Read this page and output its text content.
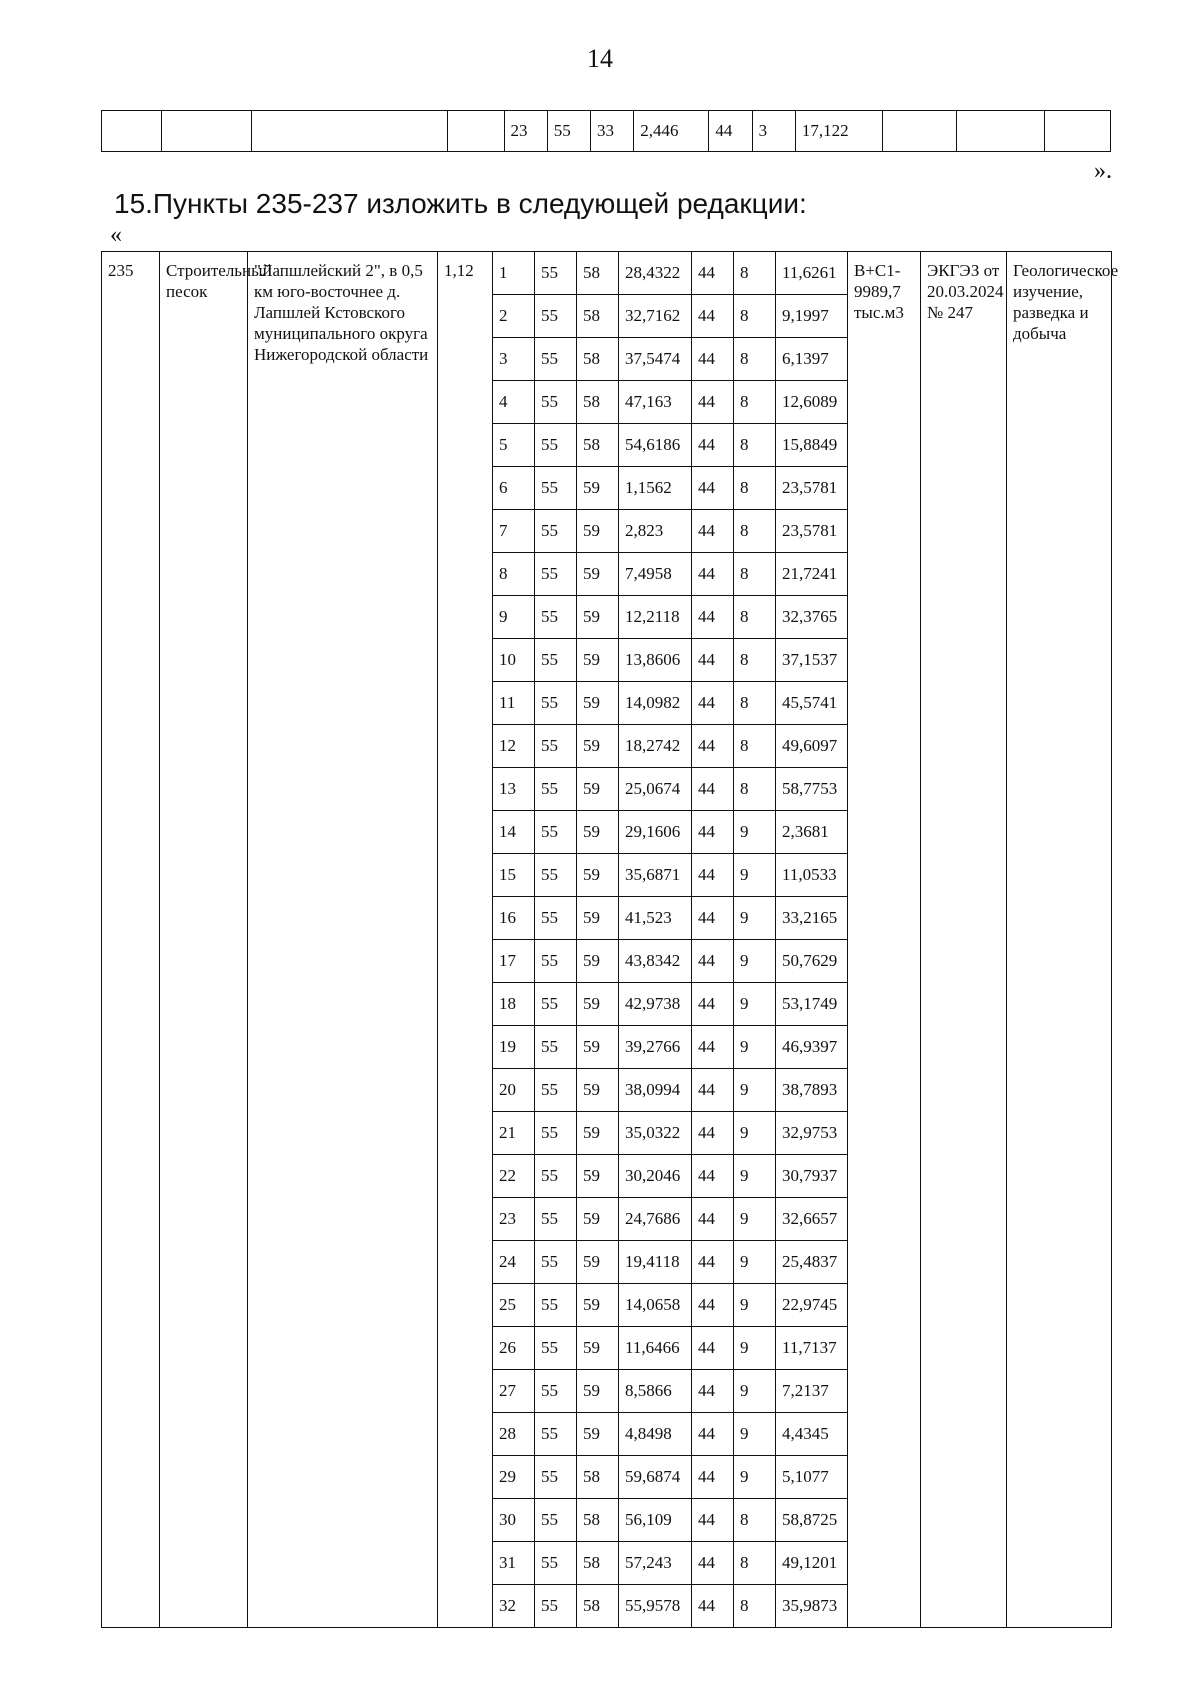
14
				23	55	33	2,446	44	3	17,122			
».
15.Пункты 235-237 изложить в следующей редакции:
«
235	Строительный песок	"Лапшлейский 2", в 0,5 км юго-восточнее д. Лапшлей Кстовского муниципального округа Нижегородской области	1,12	1	55	58	28,4322	44	8	11,6261	В+С1-9989,7 тыс.м3	ЭКГЭЗ от 20.03.2024 № 247	Геологическое изучение, разведка и добыча
				2	55	58	32,7162	44	8	9,1997			
				3	55	58	37,5474	44	8	6,1397			
				4	55	58	47,163	44	8	12,6089			
				5	55	58	54,6186	44	8	15,8849			
				6	55	59	1,1562	44	8	23,5781			
				7	55	59	2,823	44	8	23,5781			
				8	55	59	7,4958	44	8	21,7241			
				9	55	59	12,2118	44	8	32,3765			
				10	55	59	13,8606	44	8	37,1537			
				11	55	59	14,0982	44	8	45,5741			
				12	55	59	18,2742	44	8	49,6097			
				13	55	59	25,0674	44	8	58,7753			
				14	55	59	29,1606	44	9	2,3681			
				15	55	59	35,6871	44	9	11,0533			
				16	55	59	41,523	44	9	33,2165			
				17	55	59	43,8342	44	9	50,7629			
				18	55	59	42,9738	44	9	53,1749			
				19	55	59	39,2766	44	9	46,9397			
				20	55	59	38,0994	44	9	38,7893			
				21	55	59	35,0322	44	9	32,9753			
				22	55	59	30,2046	44	9	30,7937			
				23	55	59	24,7686	44	9	32,6657			
				24	55	59	19,4118	44	9	25,4837			
				25	55	59	14,0658	44	9	22,9745			
				26	55	59	11,6466	44	9	11,7137			
				27	55	59	8,5866	44	9	7,2137			
				28	55	59	4,8498	44	9	4,4345			
				29	55	58	59,6874	44	9	5,1077			
				30	55	58	56,109	44	8	58,8725			
				31	55	58	57,243	44	8	49,1201			
				32	55	58	55,9578	44	8	35,9873			
